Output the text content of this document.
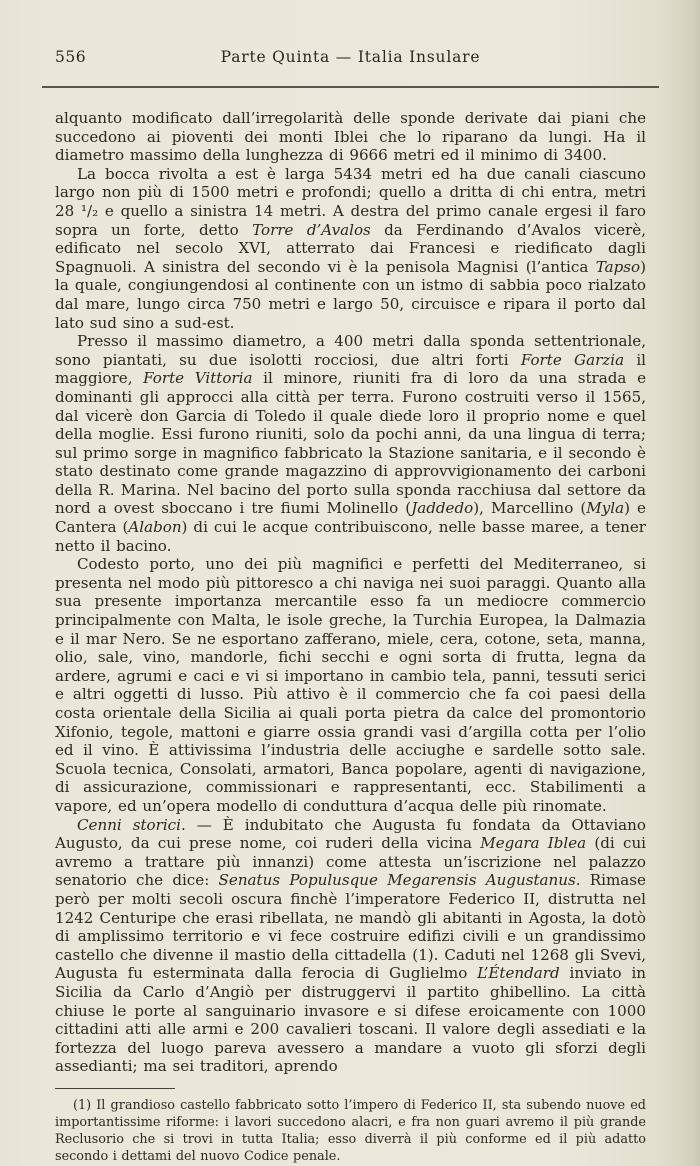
556	Parte Quinta — Italia Insulare

alquanto modificato dall’irregolarità delle sponde derivate dai piani che succedono ai pioventi dei monti Iblei che lo riparano da lungi. Ha il diametro massimo della lunghezza di 9666 metri ed il minimo di 3400.

La bocca rivolta a est è larga 5434 metri ed ha due canali ciascuno largo non più di 1500 metri e profondi; quello a dritta di chi entra, metri 28 ¹/₂ e quello a sinistra 14 metri. A destra del primo canale ergesi il faro sopra un forte, detto Torre d’Avalos da Ferdinando d’Avalos vicerè, edificato nel secolo XVI, atterrato dai Francesi e riedificato dagli Spagnuoli. A sinistra del secondo vi è la penisola Magnisi (l’antica Tapso) la quale, congiungendosi al continente con un istmo di sabbia poco rialzato dal mare, lungo circa 750 metri e largo 50, circuisce e ripara il porto dal lato sud sino a sud-est.

Presso il massimo diametro, a 400 metri dalla sponda settentrionale, sono piantati, su due isolotti rocciosi, due altri forti Forte Garzia il maggiore, Forte Vittoria il minore, riuniti fra di loro da una strada e dominanti gli approcci alla città per terra. Furono costruiti verso il 1565, dal vicerè don Garcia di Toledo il quale diede loro il proprio nome e quel della moglie. Essi furono riuniti, solo da pochi anni, da una lingua di terra; sul primo sorge in magnifico fabbricato la Stazione sanitaria, e il secondo è stato destinato come grande magazzino di approvvigionamento dei carboni della R. Marina. Nel bacino del porto sulla sponda racchiusa dal settore da nord a ovest sboccano i tre fiumi Molinello (Jaddedo), Marcellino (Myla) e Cantera (Alabon) di cui le acque contribuiscono, nelle basse maree, a tener netto il bacino.

Codesto porto, uno dei più magnifici e perfetti del Mediterraneo, si presenta nel modo più pittoresco a chi naviga nei suoi paraggi. Quanto alla sua presente importanza mercantile esso fa un mediocre commercio principalmente con Malta, le isole greche, la Turchia Europea, la Dalmazia e il mar Nero. Se ne esportano zafferano, miele, cera, cotone, seta, manna, olio, sale, vino, mandorle, fichi secchi e ogni sorta di frutta, legna da ardere, agrumi e caci e vi si importano in cambio tela, panni, tessuti serici e altri oggetti di lusso. Più attivo è il commercio che fa coi paesi della costa orientale della Sicilia ai quali porta pietra da calce del promontorio Xifonio, tegole, mattoni e giarre ossia grandi vasi d’argilla cotta per l’olio ed il vino. È attivissima l’industria delle acciughe e sardelle sotto sale. Scuola tecnica, Consolati, armatori, Banca popolare, agenti di navigazione, di assicurazione, commissionari e rappresentanti, ecc. Stabilimenti a vapore, ed un’opera modello di conduttura d’acqua delle più rinomate.

Cenni storici. — È indubitato che Augusta fu fondata da Ottaviano Augusto, da cui prese nome, coi ruderi della vicina Megara Iblea (di cui avremo a trattare più innanzi) come attesta un’iscrizione nel palazzo senatorio che dice: Senatus Populusque Megarensis Augustanus. Rimase però per molti secoli oscura finchè l’imperatore Federico II, distrutta nel 1242 Centuripe che erasi ribellata, ne mandò gli abitanti in Agosta, la dotò di amplissimo territorio e vi fece costruire edifizi civili e un grandissimo castello che divenne il mastio della cittadella (1). Caduti nel 1268 gli Svevi, Augusta fu esterminata dalla ferocia di Guglielmo L’Étendard inviato in Sicilia da Carlo d’Angiò per distruggervi il partito ghibellino. La città chiuse le porte al sanguinario invasore e si difese eroicamente con 1000 cittadini atti alle armi e 200 cavalieri toscani. Il valore degli assediati e la fortezza del luogo pareva avessero a mandare a vuoto gli sforzi degli assedianti; ma sei traditori, aprendo

(1) Il grandioso castello fabbricato sotto l’impero di Federico II, sta subendo nuove ed importantissime riforme: i lavori succedono alacri, e fra non guari avremo il più grande Reclusorio che si trovi in tutta Italia; esso diverrà il più conforme ed il più adatto secondo i dettami del nuovo Codice penale.
